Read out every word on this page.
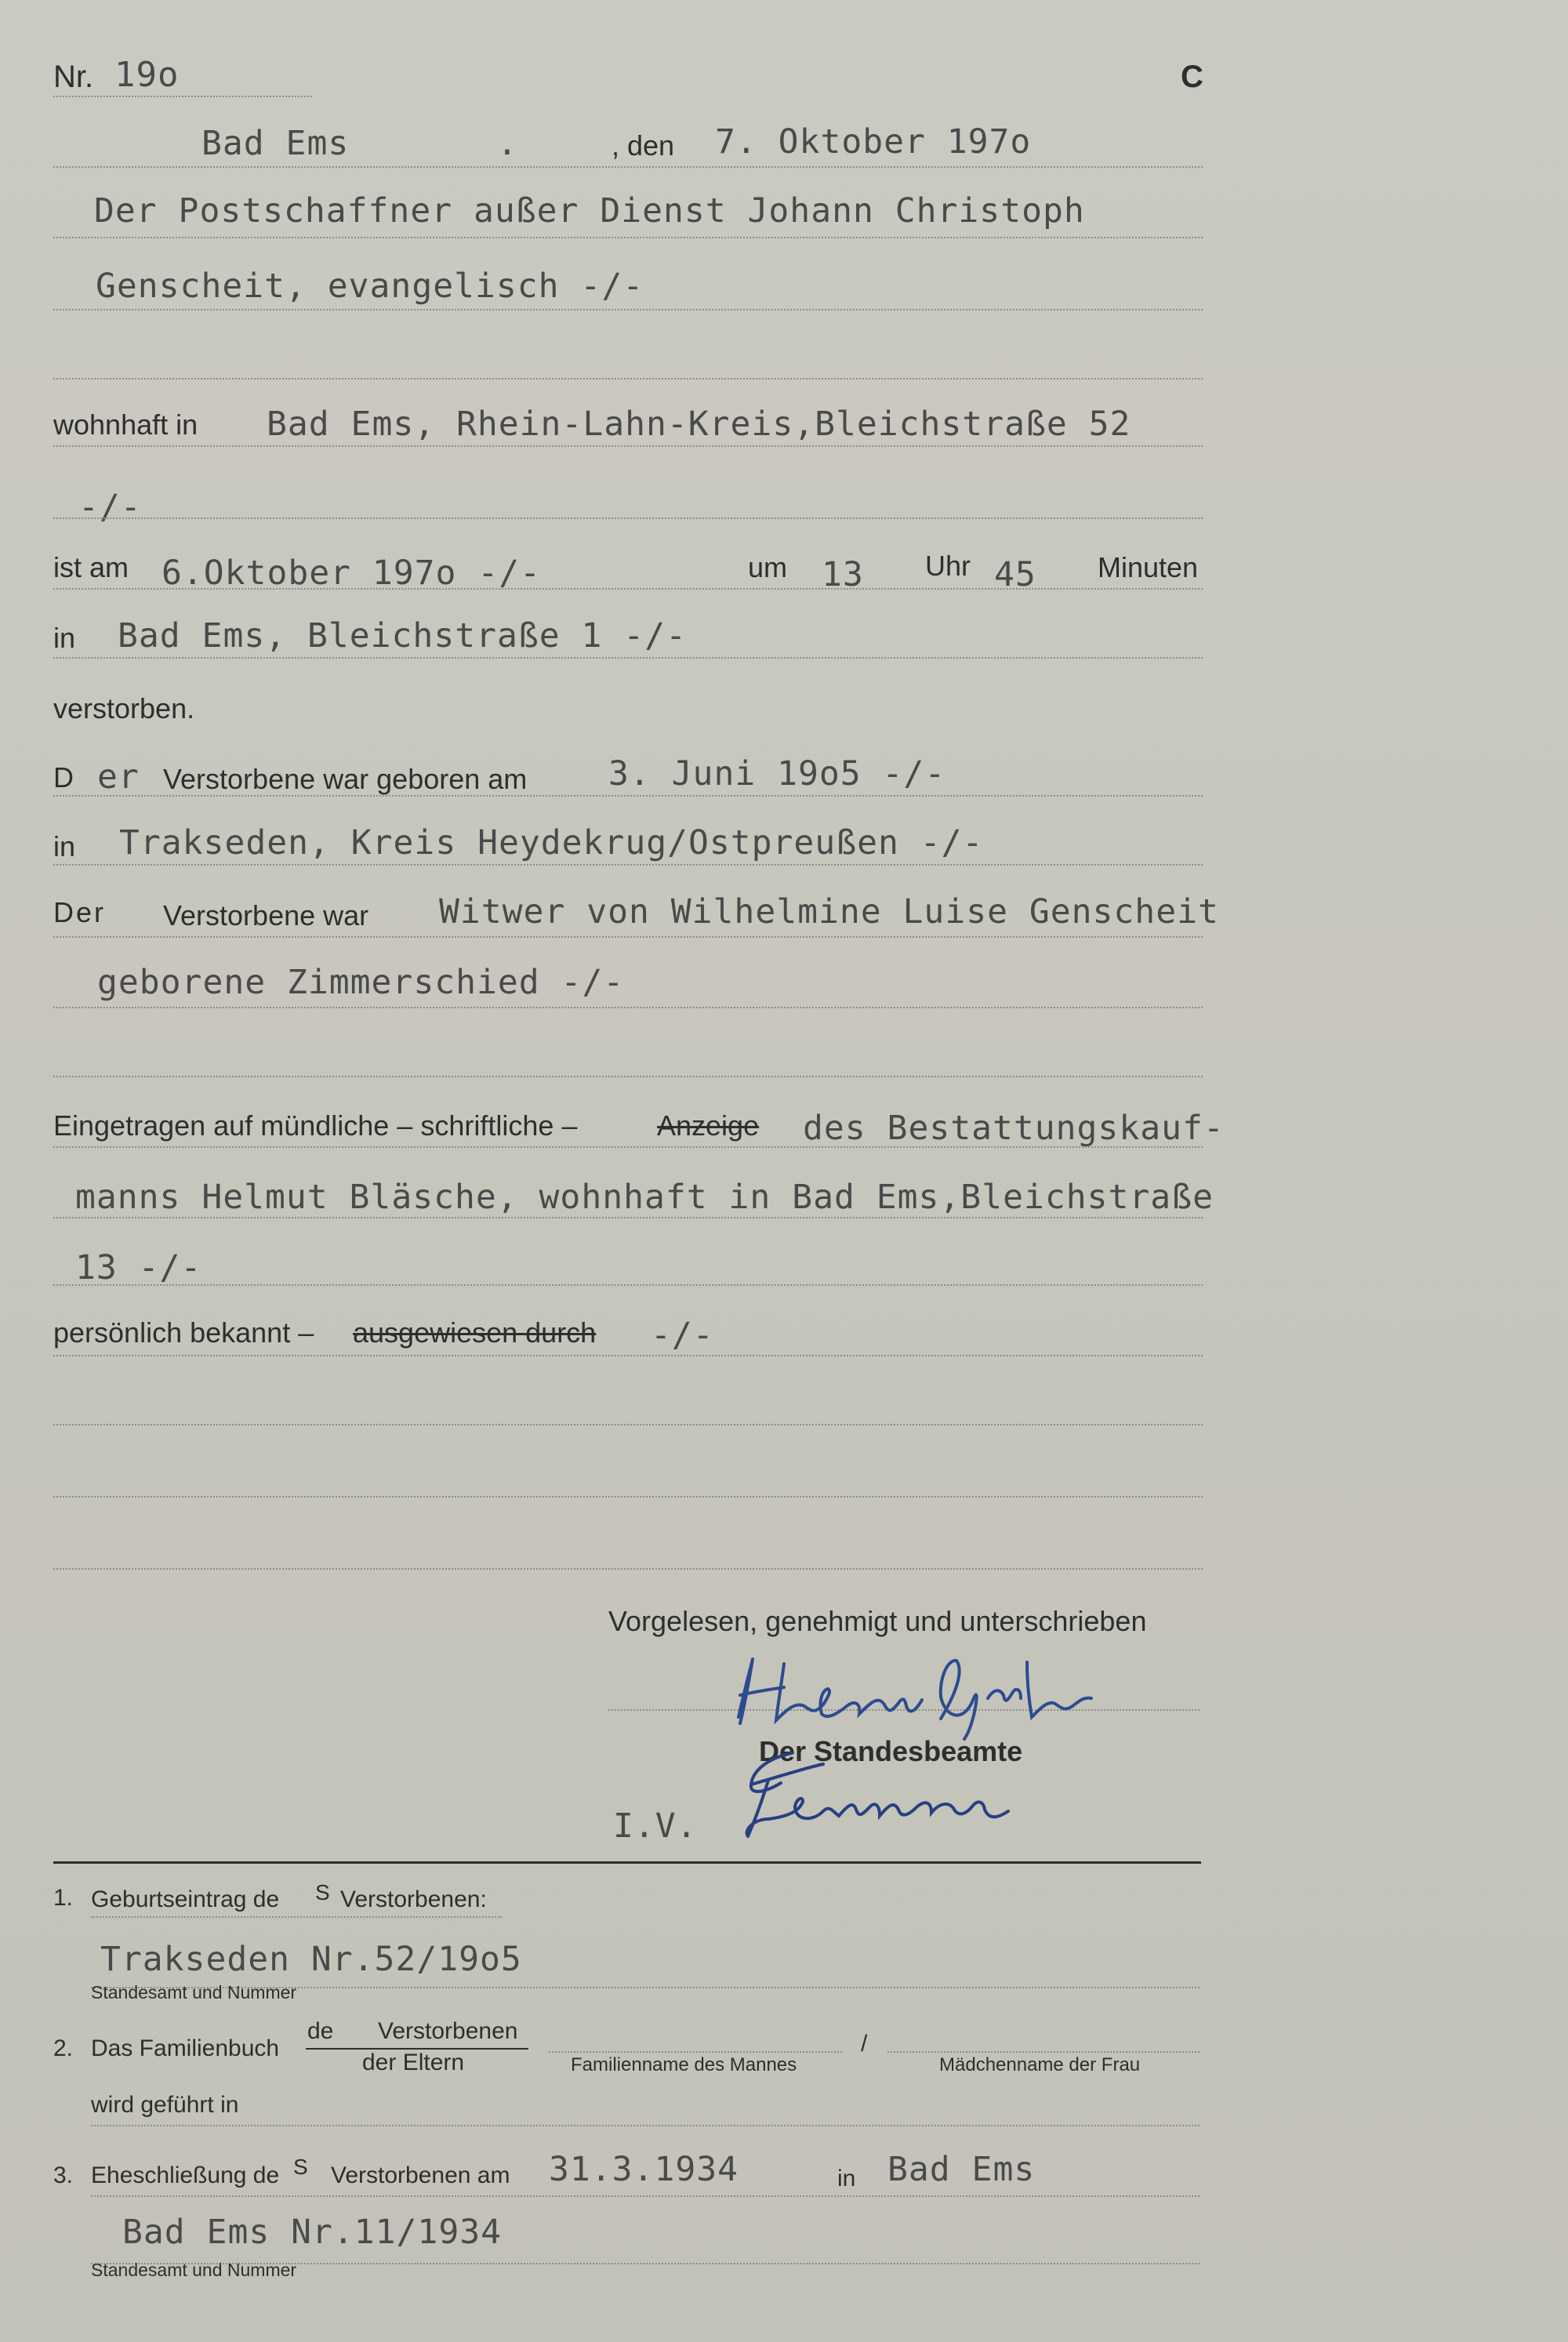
Nr. 19o	C
Bad Ems	.	, den 7. Oktober 197o
Der Postschaffner außer Dienst Johann Christoph
Genscheit, evangelisch -/-
wohnhaft in Bad Ems, Rhein-Lahn-Kreis,Bleichstraße 52
-/-
ist am 6.Oktober 197o -/-	um 13 Uhr 45 Minuten
in Bad Ems, Bleichstraße 1 -/-
verstorben.
D er Verstorbene war geboren am 3. Juni 19o5 -/-
in Trakseden, Kreis Heydekrug/Ostpreußen -/-
Der Verstorbene war Witwer von Wilhelmine Luise Genscheit
geborene Zimmerschied -/-
Eingetragen auf mündliche – schriftliche –	Anzeige des Bestattungskauf-
manns Helmut Bläsche, wohnhaft in Bad Ems,Bleichstraße
13 -/-
persönlich bekannt – ausgewiesen durch -/-
Vorgelesen, genehmigt und unterschrieben
Der Standesbeamte
I.V.
1. Geburtseintrag de S Verstorbenen:
Trakseden Nr.52/19o5
Standesamt und Nummer
2. Das Familienbuch
de Verstorbenen
der Eltern	Familienname des Mannes
/
Mädchenname der Frau
wird geführt in
3. Eheschließung de S Verstorbenen am 31.3.1934	in Bad Ems
Bad Ems Nr.11/1934
Standesamt und Nummer
